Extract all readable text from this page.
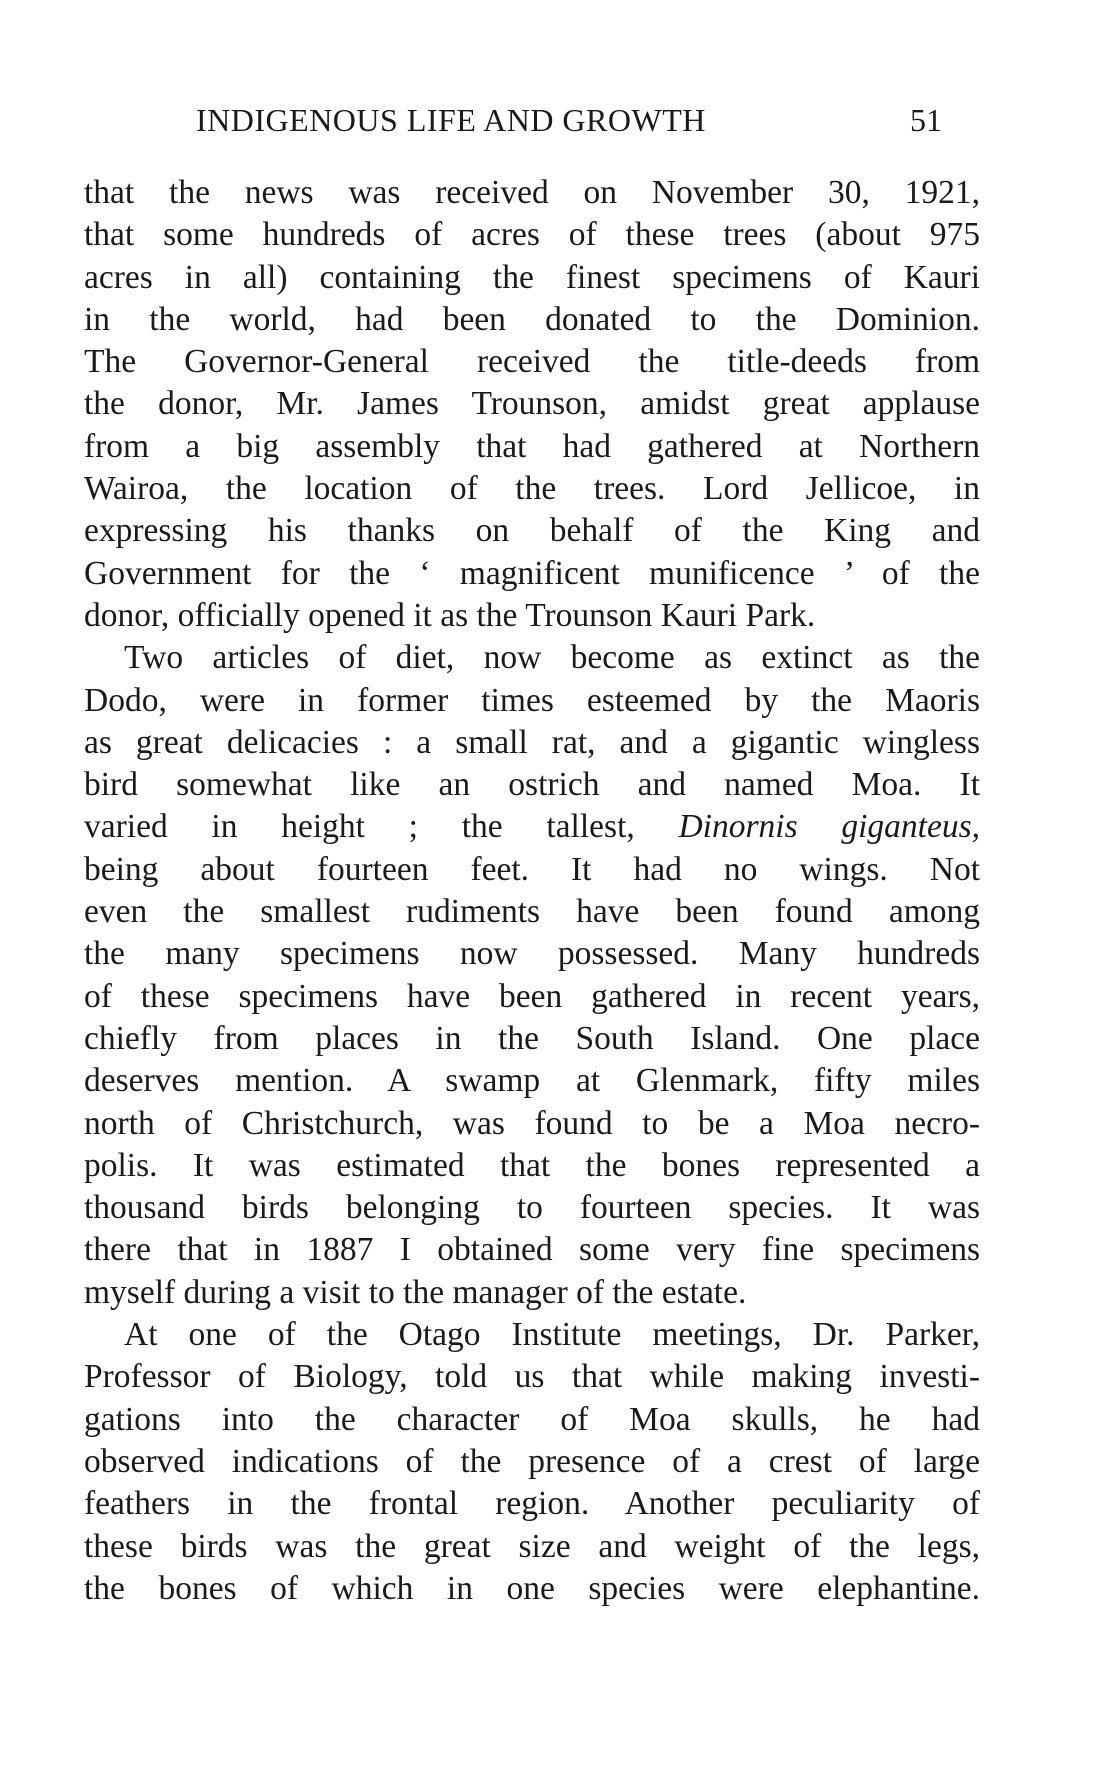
INDIGENOUS LIFE AND GROWTH	51
that the news was received on November 30, 1921,
that some hundreds of acres of these trees (about 975
acres in all) containing the finest specimens of Kauri
in the world, had been donated to the Dominion.
The Governor-General received the title-deeds from
the donor, Mr. James Trounson, amidst great applause
from a big assembly that had gathered at Northern
Wairoa, the location of the trees. Lord Jellicoe, in
expressing his thanks on behalf of the King and
Government for the ‘ magnificent munificence ’ of the
donor, officially opened it as the Trounson Kauri Park.
Two articles of diet, now become as extinct as the
Dodo, were in former times esteemed by the Maoris
as great delicacies : a small rat, and a gigantic wingless
bird somewhat like an ostrich and named Moa. It
varied in height ; the tallest, Dinornis giganteus,
being about fourteen feet. It had no wings. Not
even the smallest rudiments have been found among
the many specimens now possessed. Many hundreds
of these specimens have been gathered in recent years,
chiefly from places in the South Island. One place
deserves mention. A swamp at Glenmark, fifty miles
north of Christchurch, was found to be a Moa necro-
polis. It was estimated that the bones represented a
thousand birds belonging to fourteen species. It was
there that in 1887 I obtained some very fine specimens
myself during a visit to the manager of the estate.
At one of the Otago Institute meetings, Dr. Parker,
Professor of Biology, told us that while making investi-
gations into the character of Moa skulls, he had
observed indications of the presence of a crest of large
feathers in the frontal region. Another peculiarity of
these birds was the great size and weight of the legs,
the bones of which in one species were elephantine.
